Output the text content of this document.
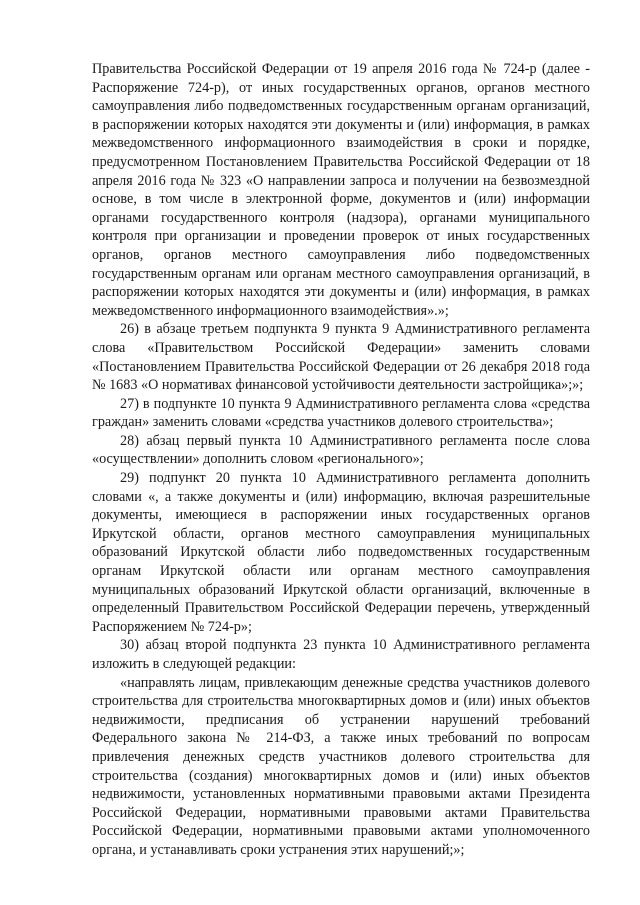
Правительства Российской Федерации от 19 апреля 2016 года № 724-р (далее - Распоряжение 724-р), от иных государственных органов, органов местного самоуправления либо подведомственных государственным органам организаций, в распоряжении которых находятся эти документы и (или) информация, в рамках межведомственного информационного взаимодействия в сроки и порядке, предусмотренном Постановлением Правительства Российской Федерации от 18 апреля 2016 года № 323 «О направлении запроса и получении на безвозмездной основе, в том числе в электронной форме, документов и (или) информации органами государственного контроля (надзора), органами муниципального контроля при организации и проведении проверок от иных государственных органов, органов местного самоуправления либо подведомственных государственным органам или органам местного самоуправления организаций, в распоряжении которых находятся эти документы и (или) информация, в рамках межведомственного информационного взаимодействия».»;

26) в абзаце третьем подпункта 9 пункта 9 Административного регламента слова «Правительством Российской Федерации» заменить словами «Постановлением Правительства Российской Федерации от 26 декабря 2018 года № 1683 «О нормативах финансовой устойчивости деятельности застройщика»;»;

27) в подпункте 10 пункта 9 Административного регламента слова «средства граждан» заменить словами «средства участников долевого строительства»;

28) абзац первый пункта 10 Административного регламента после слова «осуществлении» дополнить словом «регионального»;

29) подпункт 20 пункта 10 Административного регламента дополнить словами «, а также документы и (или) информацию, включая разрешительные документы, имеющиеся в распоряжении иных государственных органов Иркутской области, органов местного самоуправления муниципальных образований Иркутской области либо подведомственных государственным органам Иркутской области или органам местного самоуправления муниципальных образований Иркутской области организаций, включенные в определенный Правительством Российской Федерации перечень, утвержденный Распоряжением № 724-р»;

30) абзац второй подпункта 23 пункта 10 Административного регламента изложить в следующей редакции:

«направлять лицам, привлекающим денежные средства участников долевого строительства для строительства многоквартирных домов и (или) иных объектов недвижимости, предписания об устранении нарушений требований Федерального закона № 214-ФЗ, а также иных требований по вопросам привлечения денежных средств участников долевого строительства для строительства (создания) многоквартирных домов и (или) иных объектов недвижимости, установленных нормативными правовыми актами Президента Российской Федерации, нормативными правовыми актами Правительства Российской Федерации, нормативными правовыми актами уполномоченного органа, и устанавливать сроки устранения этих нарушений;»;
